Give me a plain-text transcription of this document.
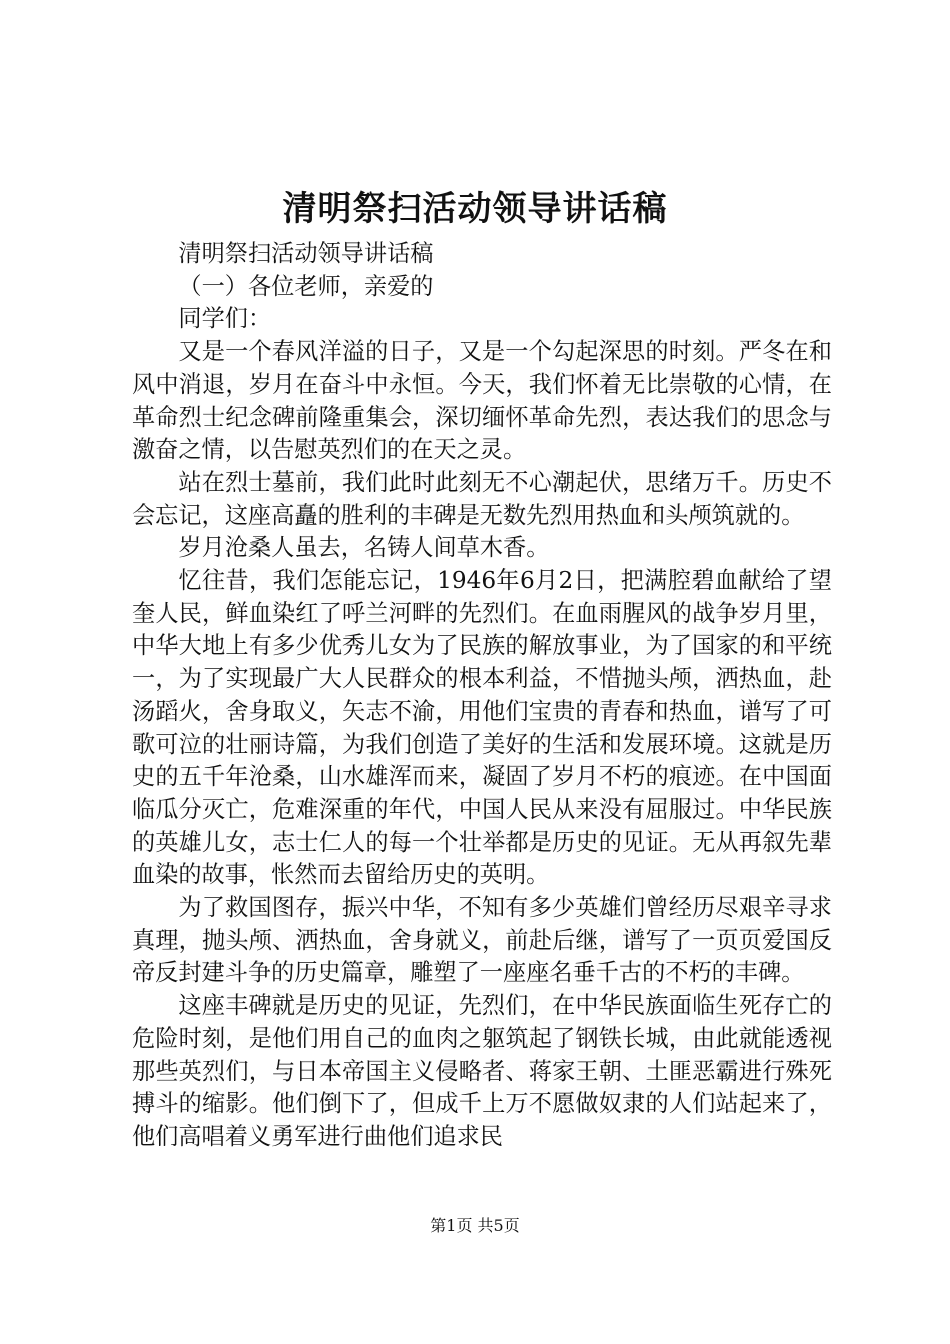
清明祭扫活动领导讲话稿

清明祭扫活动领导讲话稿

（一）各位老师，亲爱的

同学们：

又是一个春风洋溢的日子，又是一个勾起深思的时刻。严冬在和风中消退，岁月在奋斗中永恒。今天，我们怀着无比崇敬的心情，在革命烈士纪念碑前隆重集会，深切缅怀革命先烈，表达我们的思念与激奋之情，以告慰英烈们的在天之灵。

站在烈士墓前，我们此时此刻无不心潮起伏，思绪万千。历史不会忘记，这座高矗的胜利的丰碑是无数先烈用热血和头颅筑就的。

岁月沧桑人虽去，名铸人间草木香。

忆往昔，我们怎能忘记，1946年6月2日，把满腔碧血献给了望奎人民，鲜血染红了呼兰河畔的先烈们。在血雨腥风的战争岁月里，中华大地上有多少优秀儿女为了民族的解放事业，为了国家的和平统一，为了实现最广大人民群众的根本利益，不惜抛头颅，洒热血，赴汤蹈火，舍身取义，矢志不渝，用他们宝贵的青春和热血，谱写了可歌可泣的壮丽诗篇，为我们创造了美好的生活和发展环境。这就是历史的五千年沧桑，山水雄浑而来，凝固了岁月不朽的痕迹。在中国面临瓜分灭亡，危难深重的年代，中国人民从来没有屈服过。中华民族的英雄儿女，志士仁人的每一个壮举都是历史的见证。无从再叙先辈血染的故事，怅然而去留给历史的英明。

为了救国图存，振兴中华，不知有多少英雄们曾经历尽艰辛寻求真理，抛头颅、洒热血，舍身就义，前赴后继，谱写了一页页爱国反帝反封建斗争的历史篇章，雕塑了一座座名垂千古的不朽的丰碑。

这座丰碑就是历史的见证，先烈们，在中华民族面临生死存亡的危险时刻，是他们用自己的血肉之躯筑起了钢铁长城，由此就能透视那些英烈们，与日本帝国主义侵略者、蒋家王朝、土匪恶霸进行殊死搏斗的缩影。他们倒下了，但成千上万不愿做奴隶的人们站起来了，他们高唱着义勇军进行曲他们追求民

第1页 共5页
